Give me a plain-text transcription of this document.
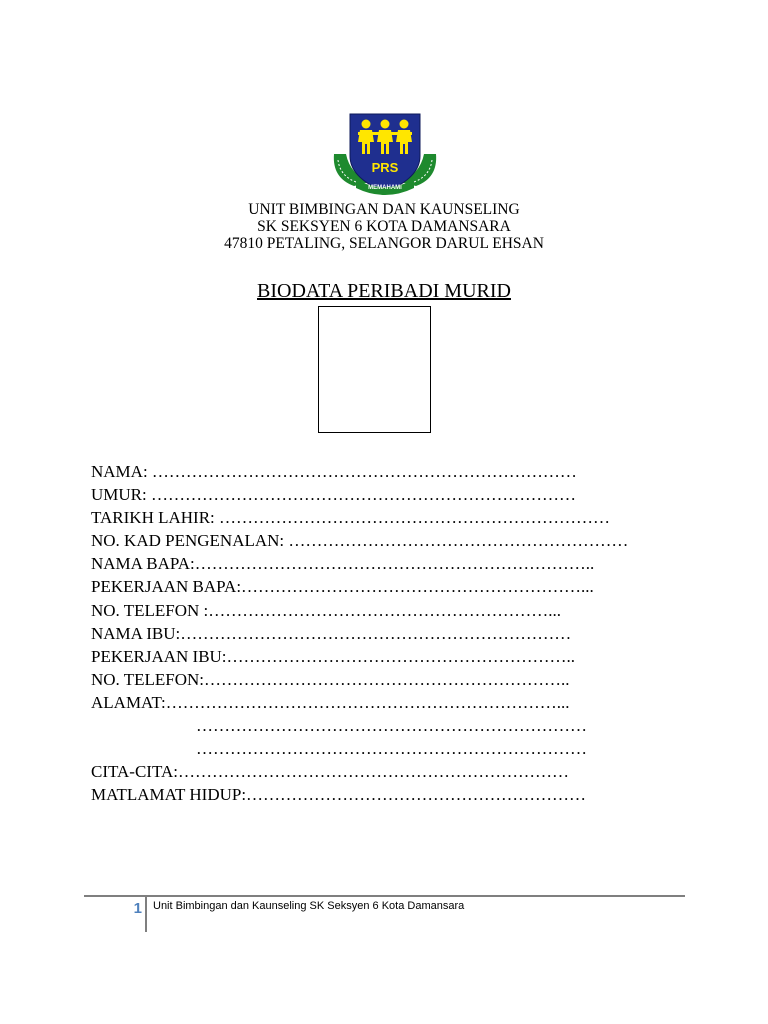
PRS
MEMAHAMI
UNIT BIMBINGAN DAN KAUNSELING
SK SEKSYEN 6 KOTA DAMANSARA
47810 PETALING, SELANGOR DARUL EHSAN
BIODATA PERIBADI MURID
NAMA: …………………………………………………………………
UMUR: …………………………………………………………………
TARIKH LAHIR: ……………………………………………………………
NO. KAD PENGENALAN: ……………………………………………………
NAMA BAPA:……………………………………………………………..
PEKERJAAN BAPA:……………………………………………………...
NO. TELEFON :……………………………………………………...
NAMA IBU:……………………………………………………………
PEKERJAAN IBU:……………………………………………………..
NO. TELEFON:………………………………………………………..
ALAMAT:……………………………………………………………...
……………………………………………………………
……………………………………………………………
CITA-CITA:……………………………………………………………
MATLAMAT HIDUP:……………………………………………………
1 Unit Bimbingan dan Kaunseling SK Seksyen 6 Kota Damansara
